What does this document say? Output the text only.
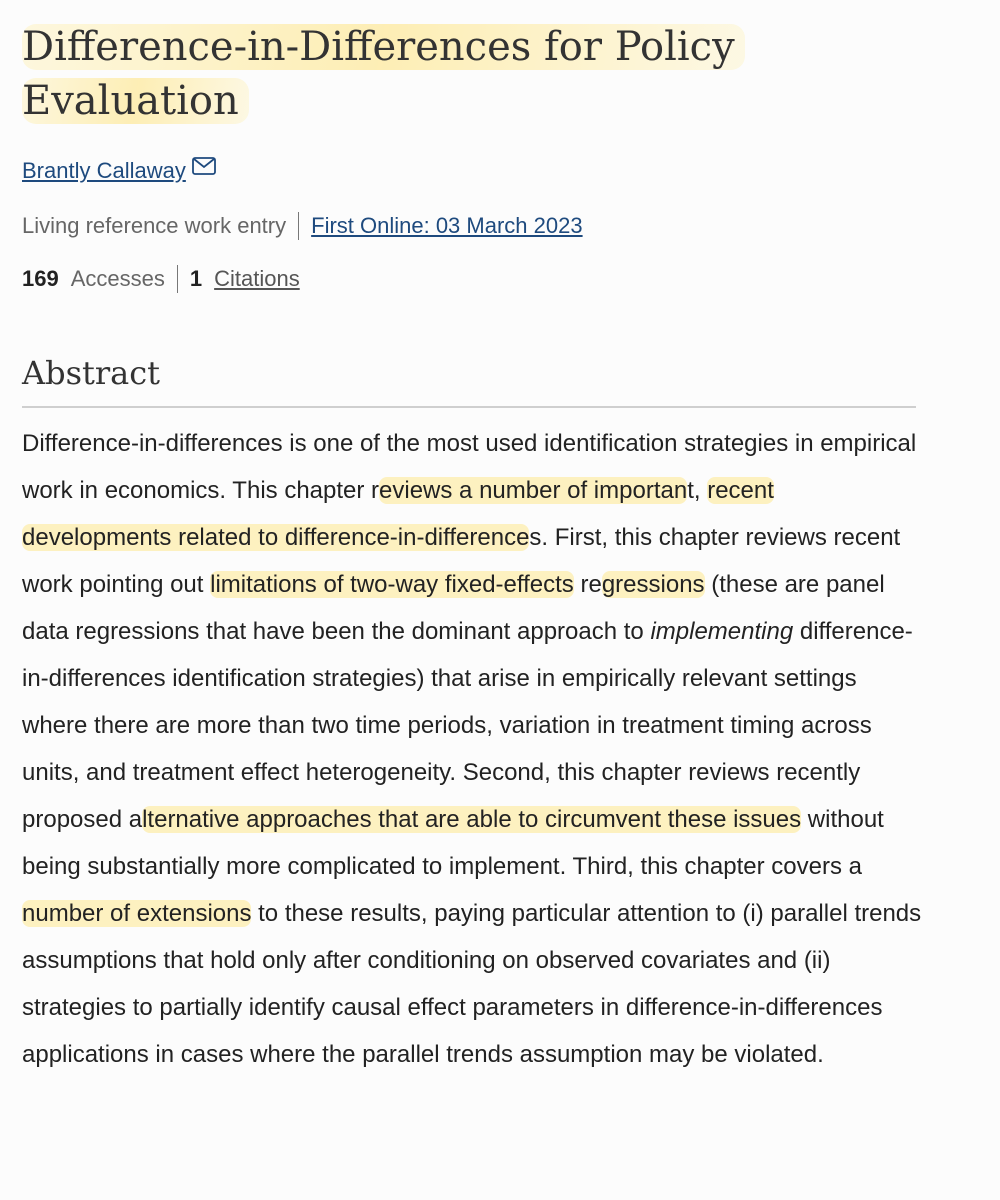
Difference-in-Differences for Policy Evaluation
Brantly Callaway
Living reference work entry First Online: 03 March 2023
169 Accesses 1 Citations
Abstract

Difference-in-differences is one of the most used identification strategies in empirical work in economics. This chapter reviews a number of important, recent developments related to difference-in-differences. First, this chapter reviews recent work pointing out limitations of two-way fixed-effects regressions (these are panel data regressions that have been the dominant approach to implementing difference-in-differences identification strategies) that arise in empirically relevant settings where there are more than two time periods, variation in treatment timing across units, and treatment effect heterogeneity. Second, this chapter reviews recently proposed alternative approaches that are able to circumvent these issues without being substantially more complicated to implement. Third, this chapter covers a number of extensions to these results, paying particular attention to (i) parallel trends assumptions that hold only after conditioning on observed covariates and (ii) strategies to partially identify causal effect parameters in difference-in-differences applications in cases where the parallel trends assumption may be violated.
